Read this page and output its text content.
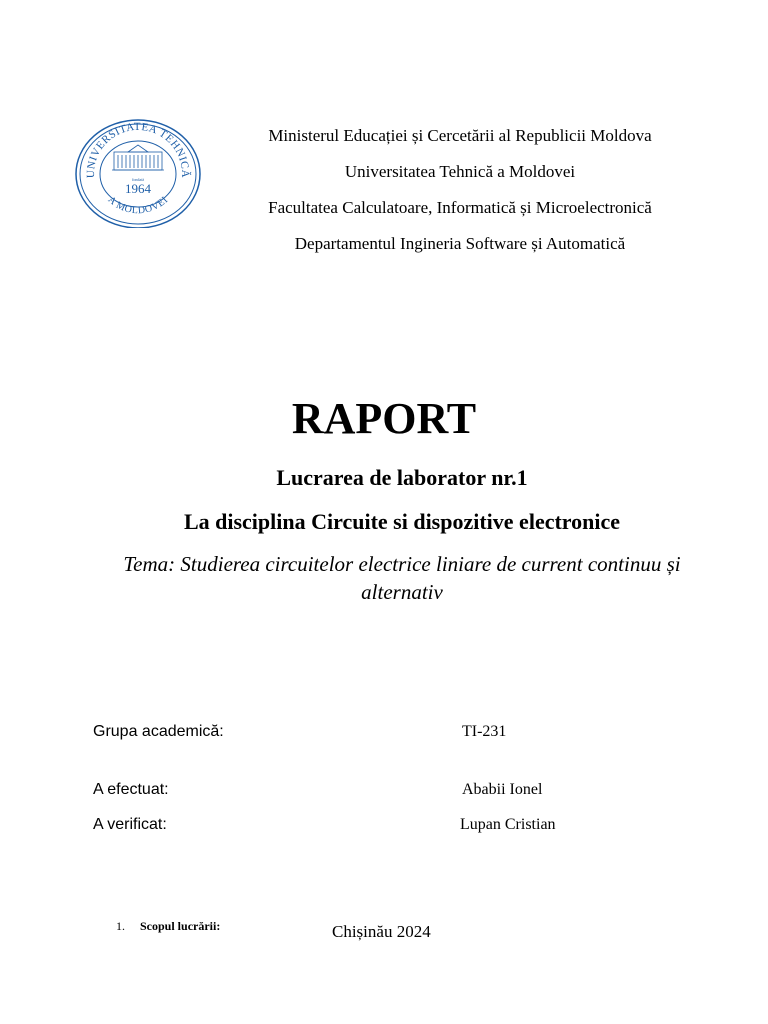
UNIVERSITATEA TEHNICĂ
A MOLDOVEI
fondată
1964
Ministerul Educației și Cercetării al Republicii Moldova
Universitatea Tehnică a Moldovei
Facultatea Calculatoare, Informatică și Microelectronică
Departamentul Ingineria Software și Automatică
RAPORT
Lucrarea de laborator nr.1
La disciplina Circuite si dispozitive electronice
Tema: Studierea circuitelor electrice liniare de current continuu și alternativ
Grupa academică:	TI-231
A efectuat:	Ababii Ionel
A verificat:	Lupan Cristian
1. Scopul lucrării:	Chișinău 2024
